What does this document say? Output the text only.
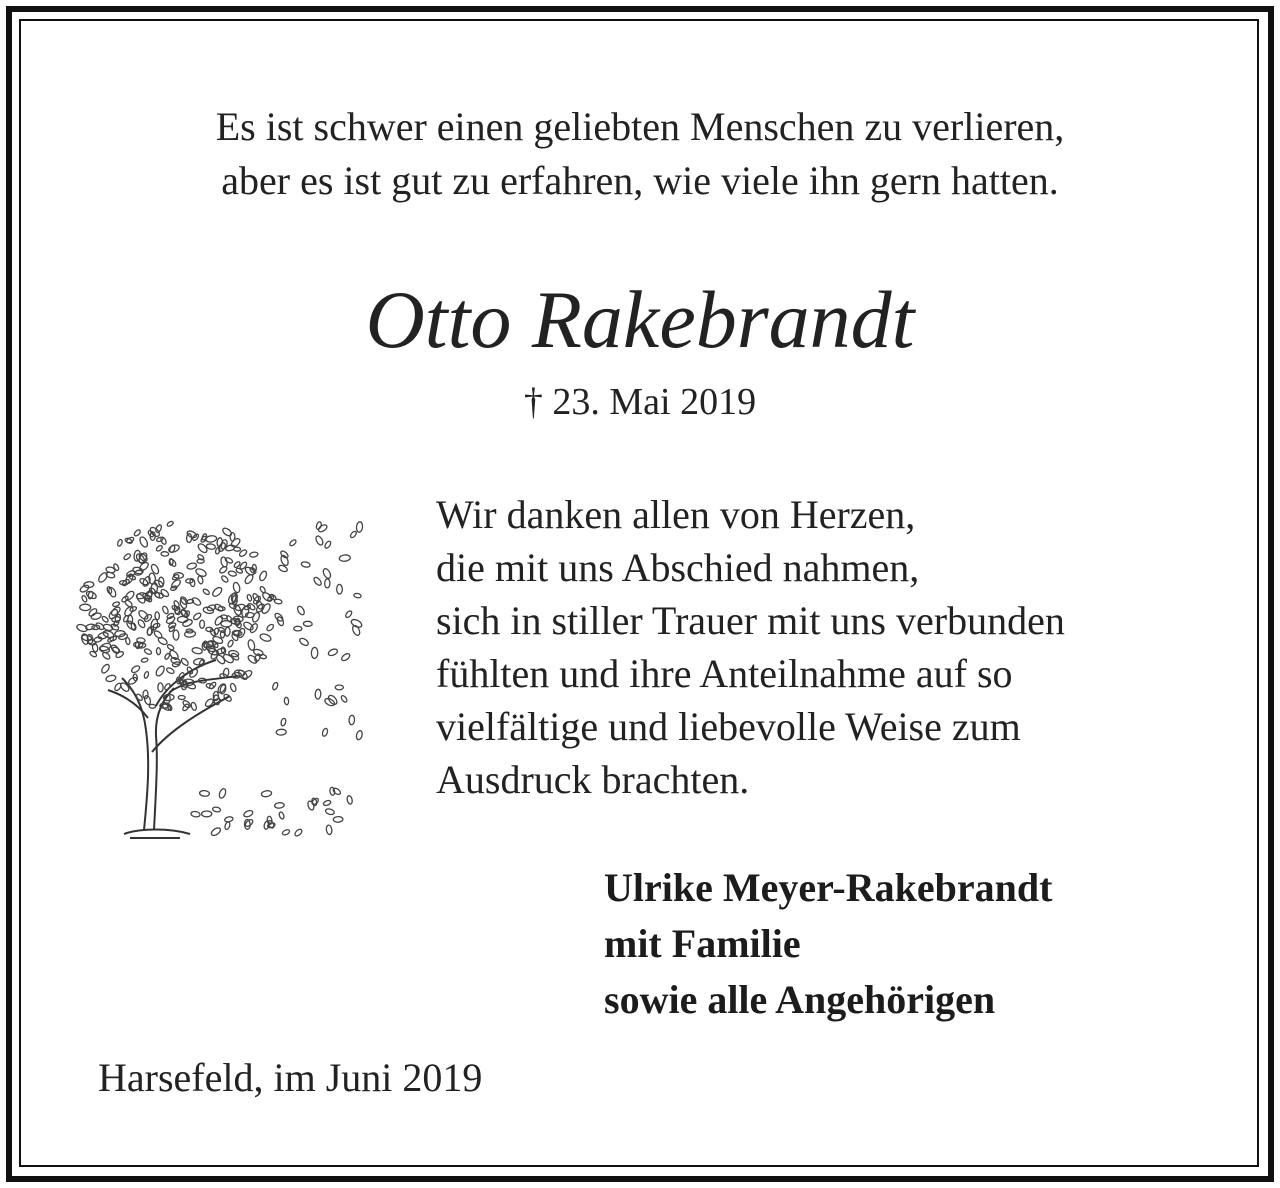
Es ist schwer einen geliebten Menschen zu verlieren,
aber es ist gut zu erfahren, wie viele ihn gern hatten.
Otto Rakebrandt
† 23. Mai 2019
Wir danken allen von Herzen,
die mit uns Abschied nahmen,
sich in stiller Trauer mit uns verbunden
fühlten und ihre Anteilnahme auf so
vielfältige und liebevolle Weise zum
Ausdruck brachten.
Ulrike Meyer-Rakebrandt
mit Familie
sowie alle Angehörigen
Harsefeld, im Juni 2019
